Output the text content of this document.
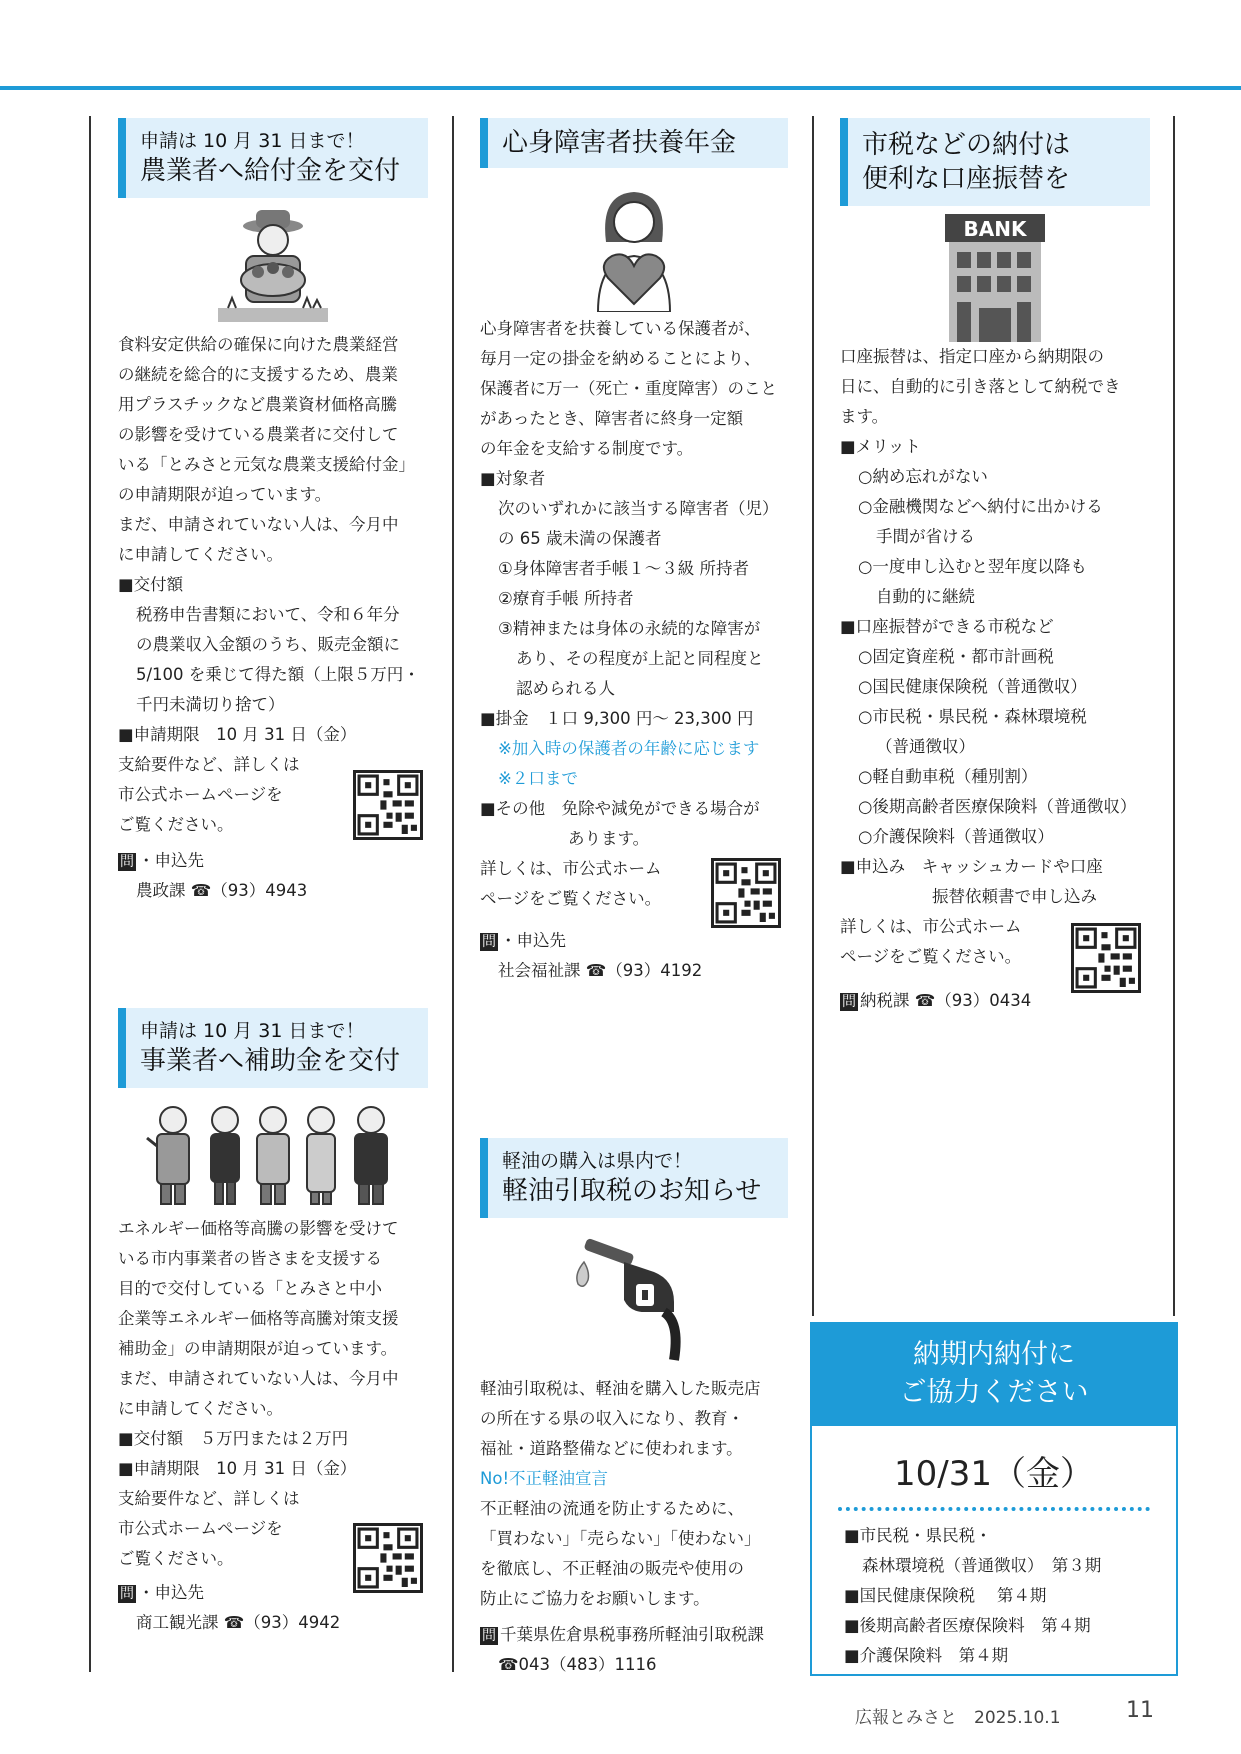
申請は 10 月 31 日まで！
農業者へ給付金を交付
食料安定供給の確保に向けた農業経営
の継続を総合的に支援するため、農業
用プラスチックなど農業資材価格高騰
の影響を受けている農業者に交付して
いる「とみさと元気な農業支援給付金」
の申請期限が迫っています。
まだ、申請されていない人は、今月中
に申請してください。
■交付額
税務申告書類において、令和６年分
の農業収入金額のうち、販売金額に
5/100 を乗じて得た額（上限５万円・
千円未満切り捨て）
■申請期限　10 月 31 日（金）
支給要件など、詳しくは
市公式ホームページを
ご覧ください。
問 ・申込先
農政課 ☎（93）4943
申請は 10 月 31 日まで！
事業者へ補助金を交付
エネルギー価格等高騰の影響を受けて
いる市内事業者の皆さまを支援する
目的で交付している「とみさと中小
企業等エネルギー価格等高騰対策支援
補助金」の申請期限が迫っています。
まだ、申請されていない人は、今月中
に申請してください。
■交付額　５万円または２万円
■申請期限　10 月 31 日（金）
支給要件など、詳しくは
市公式ホームページを
ご覧ください。
問 ・申込先
商工観光課 ☎（93）4942
心身障害者扶養年金
心身障害者を扶養している保護者が、
毎月一定の掛金を納めることにより、
保護者に万一（死亡・重度障害）のこと
があったとき、障害者に終身一定額
の年金を支給する制度です。
■対象者
次のいずれかに該当する障害者（児）
の 65 歳未満の保護者
①身体障害者手帳１～３級 所持者
②療育手帳 所持者
③精神または身体の永続的な障害が
あり、その程度が上記と同程度と
認められる人
■掛金　１口 9,300 円～ 23,300 円
※加入時の保護者の年齢に応じます
※２口まで
■その他　免除や減免ができる場合が
あります。
詳しくは、市公式ホーム
ページをご覧ください。
問 ・申込先
社会福祉課 ☎（93）4192
軽油の購入は県内で！
軽油引取税のお知らせ
軽油引取税は、軽油を購入した販売店
の所在する県の収入になり、教育・
福祉・道路整備などに使われます。
No!不正軽油宣言
不正軽油の流通を防止するために、
「買わない」「売らない」「使わない」
を徹底し、不正軽油の販売や使用の
防止にご協力をお願いします。
問 千葉県佐倉県税事務所軽油引取税課
☎043（483）1116
市税などの納付は
便利な口座振替を
BANK
口座振替は、指定口座から納期限の
日に、自動的に引き落として納税でき
ます。
■メリット
○納め忘れがない
○金融機関などへ納付に出かける
手間が省ける
○一度申し込むと翌年度以降も
自動的に継続
■口座振替ができる市税など
○固定資産税・都市計画税
○国民健康保険税（普通徴収）
○市民税・県民税・森林環境税
（普通徴収）
○軽自動車税（種別割）
○後期高齢者医療保険料（普通徴収）
○介護保険料（普通徴収）
■申込み　キャッシュカードや口座
振替依頼書で申し込み
詳しくは、市公式ホーム
ページをご覧ください。
問 納税課 ☎（93）0434
納期内納付に
ご協力ください
10/31（金）
■市民税・県民税・
森林環境税（普通徴収）　第３期
■国民健康保険税　 第４期
■後期高齢者医療保険料　第４期
■介護保険料　第４期
広報とみさと　2025.10.1	11
